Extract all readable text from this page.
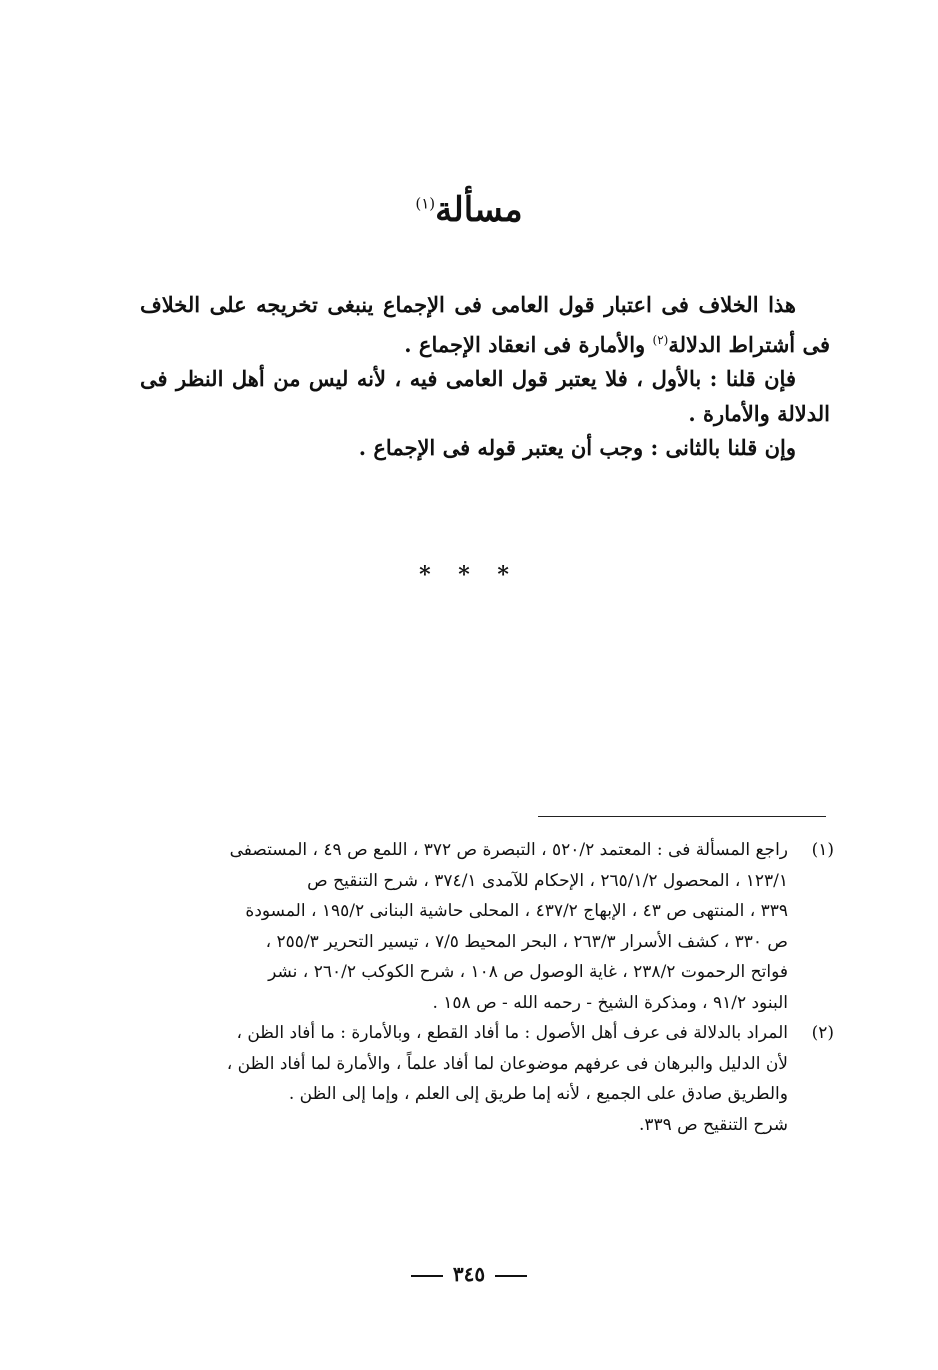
مسألة$^{(١)}$

هذا الخلاف فى اعتبار قول العامى فى الإجماع ينبغى تخريجه على الخلاف فى أشتراط الدلالة$^{(٢)}$ والأمارة فى انعقاد الإجماع .

فإن قلنا : بالأول ، فلا يعتبر قول العامى فيه ، لأنه ليس من أهل النظر فى الدلالة والأمارة .

وإن قلنا بالثانى : وجب أن يعتبر قوله فى الإجماع .

* * *
(١)
راجع المسألة فى : المعتمد ٥٢٠/٢ ، التبصرة ص ٣٧٢ ، اللمع ص ٤٩ ، المستصفى
١٢٣/١ ، المحصول ٢٦٥/١/٢ ، الإحكام للآمدى ٣٧٤/١ ، شرح التنقيح ص
٣٣٩ ، المنتهى ص ٤٣ ، الإبهاج ٤٣٧/٢ ، المحلى حاشية البنانى ١٩٥/٢ ، المسودة
ص ٣٣٠ ، كشف الأسرار ٢٦٣/٣ ، البحر المحيط ٧/٥ ، تيسير التحرير ٢٥٥/٣ ،
فواتح الرحموت ٢٣٨/٢ ، غاية الوصول ص ١٠٨ ، شرح الكوكب ٢٦٠/٢ ، نشر
البنود ٩١/٢ ، ومذكرة الشيخ - رحمه الله - ص ١٥٨ .
(٢)
المراد بالدلالة فى عرف أهل الأصول : ما أفاد القطع ، وبالأمارة : ما أفاد الظن ،
لأن الدليل والبرهان فى عرفهم موضوعان لما أفاد علماً ، والأمارة لما أفاد الظن ،
والطريق صادق على الجميع ، لأنه إما طريق إلى العلم ، وإما إلى الظن .
شرح التنقيح ص ٣٣٩.
٣٤٥
